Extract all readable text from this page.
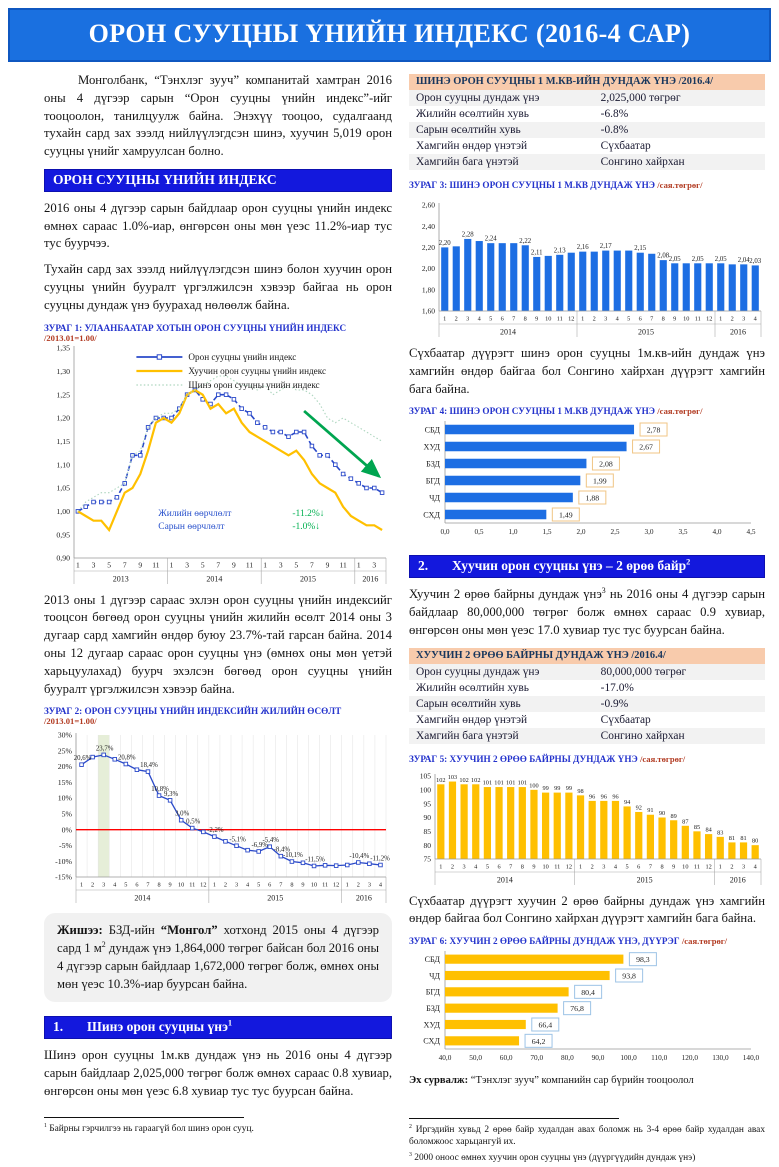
ОРОН СУУЦНЫ ҮНИЙН ИНДЕКС (2016-4 САР)

Монголбанк, “Тэнхлэг зууч” компанитай хамтран 2016 оны 4 дүгээр сарын “Орон сууцны үнийн индекс”-ийг тооцоолон, танилцуулж байна. Энэхүү тооцоо, судалгаанд тухайн сард зах зээлд нийлүүлэгдсэн шинэ, хуучин 5,019 орон сууцны үнийг хамруулсан болно.

ОРОН СУУЦНЫ ҮНИЙН ИНДЕКС

2016 оны 4 дүгээр сарын байдлаар орон сууцны үнийн индекс өмнөх сараас 1.0%-иар, өнгөрсөн оны мөн үеэс 11.2%-иар тус тус буурчээ.

Тухайн сард зах зээлд нийлүүлэгдсэн шинэ болон хуучин орон сууцны үнийн бууралт үргэлжилсэн хэвээр байгаа нь орон сууцны дундаж үнэ буурахад нөлөөлж байна.

ЗУРАГ 1: УЛААНБААТАР ХОТЫН ОРОН СУУЦНЫ ҮНИЙН ИНДЕКС /2013.01=1.00/
0,90
0,95
1,00
1,05
1,10
1,15
1,20
1,25
1,30
1,35
1 3 5 7 9 11
2013
1 3 5 7 9 11
2014
1 3 5 7 9 11
2015
1 3
2016
Орон сууцны үнийн индекс
Хуучин орон сууцны үнийн индекс
Шинэ орон сууцны үнийн индекс
Жилийн өөрчлөлт	-11.2%↓
Сарын өөрчлөлт	-1.0%↓

2013 оны 1 дүгээр сараас эхлэн орон сууцны үнийн индексийг тооцсон бөгөөд орон сууцны үнийн жилийн өсөлт 2014 оны 3 дугаар сард хамгийн өндөр буюу 23.7%-тай гарсан байна. 2014 оны 12 дугаар сараас орон сууцны үнэ (өмнөх оны мөн үетэй харьцуулахад) буурч эхэлсэн бөгөөд орон сууцны үнийн бууралт үргэлжилсэн хэвээр байна.

ЗУРАГ 2: ОРОН СУУЦНЫ ҮНИЙН ИНДЕКСИЙН ЖИЛИЙН ӨСӨЛТ /2013.01=1.00/
30%
25%
20%
15%
10%
5%
0%
-5%
-10%
-15%
1 2 3 4 5 6 7 8 9 10 11 12
2014
1 2 3 4 5 6 7 8 9 10 11 12
2015
1 2 3 4
2016
20,6%
23,7%
20,8%
18,4%
10,8%
9,3%
3,0%
0,5%
-2,2%
-5,1%
-6,9%
-5,4%
-8,4%
-10,1%
-11,5%	-10,4% -11,2%

Жишээ: БЗД-ийн “Монгол” хотхонд 2015 оны 4 дүгээр сард 1 $м^2$ дундаж үнэ 1,864,000 төгрөг байсан бол 2016 оны 4 дүгээр сарын байдлаар 1,672,000 төгрөг болж, өмнөх оны мөн үеэс 10.3%-иар буурсан байна.

1. Шинэ орон сууцны үнэ$^1$

Шинэ орон сууцны 1м.кв дундаж үнэ нь 2016 оны 4 дүгээр сарын байдлаар 2,025,000 төгрөг болж өмнөх сараас 0.8 хувиар, өнгөрсөн оны мөн үеэс 6.8 хувиар тус тус буурсан байна.

$^1$ Байрны гэрчилгээ нь гараагүй бол шинэ орон сууц.

ШИНЭ ОРОН СУУЦНЫ 1 М.КВ-ИЙН ДУНДАЖ ҮНЭ /2016.4/
Орон сууцны дундаж үнэ	2,025,000 төгрөг
Жилийн өсөлтийн хувь	-6.8%
Сарын өсөлтийн хувь	-0.8%
Хамгийн өндөр үнэтэй	Сүхбаатар
Хамгийн бага үнэтэй	Сонгино хайрхан
ЗУРАГ 3: ШИНЭ ОРОН СУУЦНЫ 1 М.КВ ДУНДАЖ ҮНЭ /сая.төгрөг/
1,60
1,80
2,00
2,20
2,40
2,60
2,20
2,28
2,24	2,22
2,11 2,13 2,16 2,17	2,15
2,08 2,05 2,05 2,05 2,04 2,03
1 2 3 4 5 6 7 8 9 10 11 12
2014
1 2 3 4 5 6 7 8 9 10 11 12
2015
1 2 3 4
2016

Сүхбаатар дүүрэгт шинэ орон сууцны 1м.кв-ийн дундаж үнэ хамгийн өндөр байгаа бол Сонгино хайрхан дүүрэгт хамгийн бага байна.

ЗУРАГ 4: ШИНЭ ОРОН СУУЦНЫ 1 М.КВ ДУНДАЖ ҮНЭ /сая.төгрөг/
0,0	0,5	1,0	1,5	2,0	2,5	3,0	3,5	4,0	4,5
СБД	2,78
ХУД	2,67
БЗД	2,08
БГД	1,99
ЧД	1,88
СХД	1,49
2. Хуучин орон сууцны үнэ – 2 өрөө байр$^2$

Хуучин 2 өрөө байрны дундаж үнэ$^3$ нь 2016 оны 4 дүгээр сарын байдлаар 80,000,000 төгрөг болж өмнөх сараас 0.9 хувиар, өнгөрсөн оны мөн үеэс 17.0 хувиар тус тус буурсан байна.

ХУУЧИН 2 ӨРӨӨ БАЙРНЫ ДУНДАЖ ҮНЭ /2016.4/
Орон сууцны дундаж үнэ	80,000,000 төгрөг
Жилийн өсөлтийн хувь	-17.0%
Сарын өсөлтийн хувь	-0.9%
Хамгийн өндөр үнэтэй	Сүхбаатар
Хамгийн бага үнэтэй	Сонгино хайрхан
ЗУРАГ 5: ХУУЧИН 2 ӨРӨӨ БАЙРНЫ ДУНДАЖ ҮНЭ /сая.төгрөг/
75
80
85
90
95
100
105 102 103 102 102 101 101 101 101 100 99 99 99 98
96 96 96
94
92 91 90 89
87
85 84 83
81 81 80
1 2 3 4 5 6 7 8 9 10 11 12
2014
1 2 3 4 5 6 7 8 9 10 11 12
2015
1 2 3 4
2016

Сүхбаатар дүүрэгт хуучин 2 өрөө байрны дундаж үнэ хамгийн өндөр байгаа бол Сонгино хайрхан дүүрэгт хамгийн бага байна.

ЗУРАГ 6: ХУУЧИН 2 ӨРӨӨ БАЙРНЫ ДУНДАЖ ҮНЭ, ДҮҮРЭГ /сая.төгрөг/
40,0 50,0 60,0 70,0 80,0 90,0 100,0 110,0 120,0 130,0 140,0
СБД	98,3
ЧД	93,8
БГД	80,4
БЗД	76,8
ХУД	66,4
СХД	64,2

Эх сурвалж: “Тэнхлэг зууч” компанийн сар бүрийн тооцоолол

$^2$ Иргэдийн хувьд 2 өрөө байр худалдан авах боломж нь 3-4 өрөө байр худалдан авах боломжоос харьцангуй их.

$^3$ 2000 оноос өмнөх хуучин орон сууцны үнэ (дүүргүүдийн дундаж үнэ)
